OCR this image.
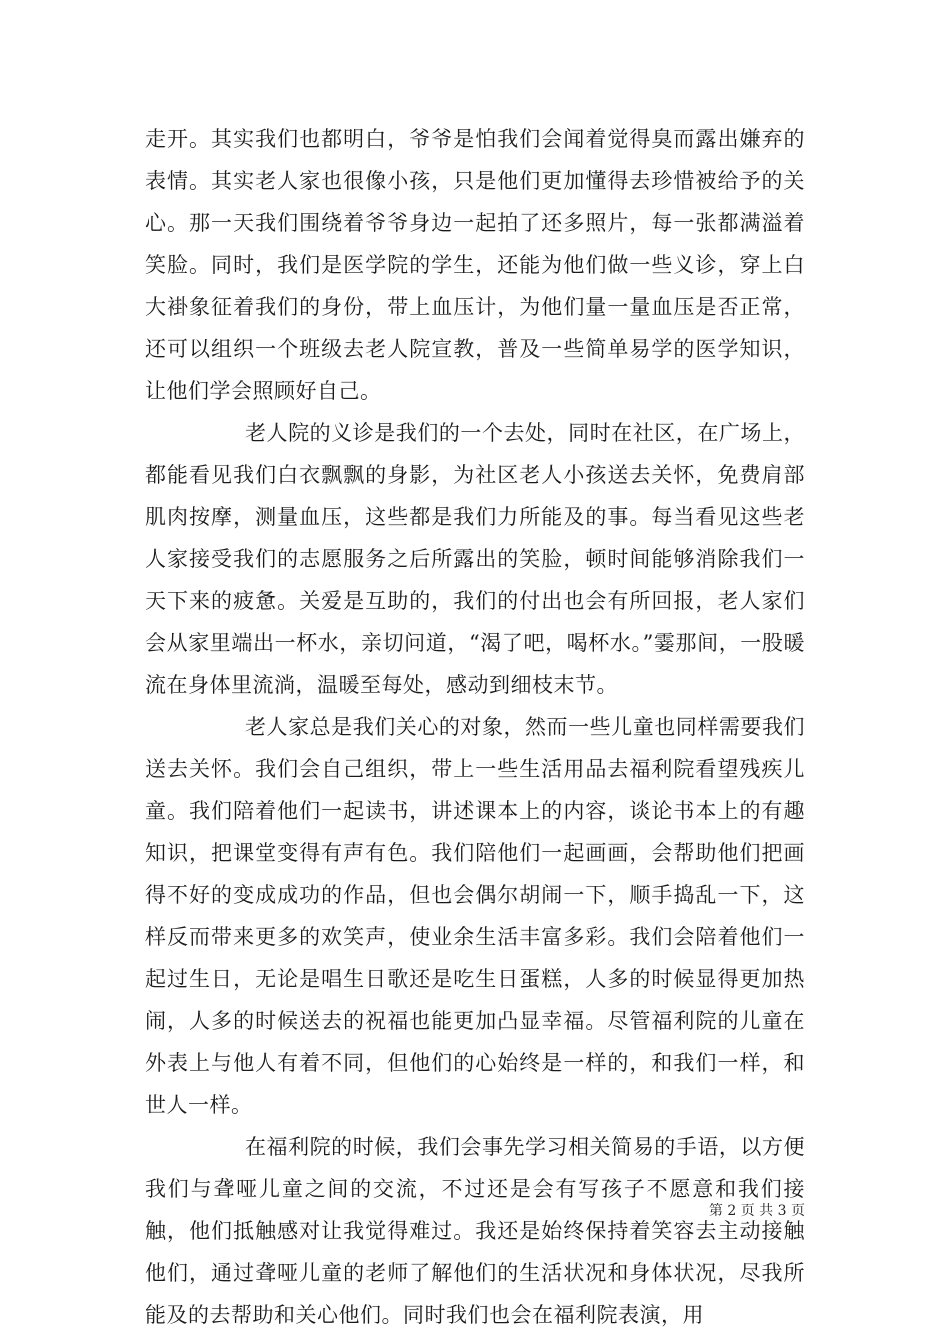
走开。其实我们也都明白，爷爷是怕我们会闻着觉得臭而露出嫌弃的表情。其实老人家也很像小孩，只是他们更加懂得去珍惜被给予的关心。那一天我们围绕着爷爷身边一起拍了还多照片，每一张都满溢着笑脸。同时，我们是医学院的学生，还能为他们做一些义诊，穿上白大褂象征着我们的身份，带上血压计，为他们量一量血压是否正常，还可以组织一个班级去老人院宣教，普及一些简单易学的医学知识，让他们学会照顾好自己。

老人院的义诊是我们的一个去处，同时在社区，在广场上，都能看见我们白衣飘飘的身影，为社区老人小孩送去关怀，免费肩部肌肉按摩，测量血压，这些都是我们力所能及的事。每当看见这些老人家接受我们的志愿服务之后所露出的笑脸，顿时间能够消除我们一天下来的疲惫。关爱是互助的，我们的付出也会有所回报，老人家们会从家里端出一杯水，亲切问道，“渴了吧，喝杯水。”霎那间，一股暖流在身体里流淌，温暖至每处，感动到细枝末节。

老人家总是我们关心的对象，然而一些儿童也同样需要我们送去关怀。我们会自己组织，带上一些生活用品去福利院看望残疾儿童。我们陪着他们一起读书，讲述课本上的内容，谈论书本上的有趣知识，把课堂变得有声有色。我们陪他们一起画画，会帮助他们把画得不好的变成成功的作品，但也会偶尔胡闹一下，顺手捣乱一下，这样反而带来更多的欢笑声，使业余生活丰富多彩。我们会陪着他们一起过生日，无论是唱生日歌还是吃生日蛋糕，人多的时候显得更加热闹，人多的时候送去的祝福也能更加凸显幸福。尽管福利院的儿童在外表上与他人有着不同，但他们的心始终是一样的，和我们一样，和世人一样。

在福利院的时候，我们会事先学习相关简易的手语，以方便我们与聋哑儿童之间的交流，不过还是会有写孩子不愿意和我们接触，他们抵触感对让我觉得难过。我还是始终保持着笑容去主动接触他们，通过聋哑儿童的老师了解他们的生活状况和身体状况，尽我所能及的去帮助和关心他们。同时我们也会在福利院表演，用

第 2 页 共 3 页
